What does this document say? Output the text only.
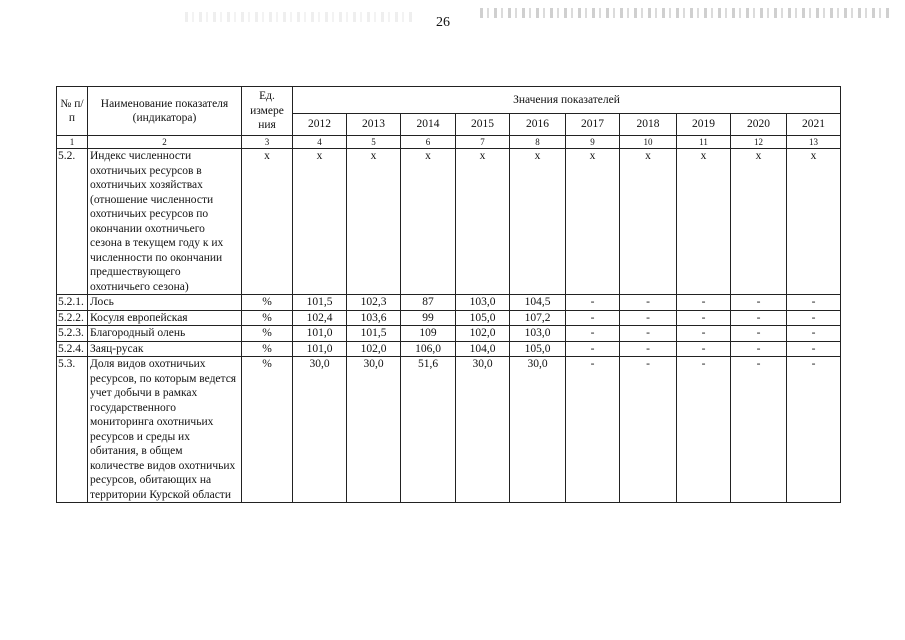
26
№ п/п	Наименование показателя (индикатора)	Ед. измере ния	Значения показателей									
			2012	2013	2014	2015	2016	2017	2018	2019	2020	2021
1	2	3	4	5	6	7	8	9	10	11	12	13
5.2.	Индекс численности охотничьих ресурсов в охотничьих хозяйствах (отношение численности охотничьих ресурсов по окончании охотничьего сезона в текущем году к их численности по окончании предшествующего охотничьего сезона)	x	x	x	x	x	x	x	x	x	x	x
5.2.1.	Лось	%	101,5	102,3	87	103,0	104,5	-	-	-	-	-
5.2.2.	Косуля европейская	%	102,4	103,6	99	105,0	107,2	-	-	-	-	-
5.2.3.	Благородный олень	%	101,0	101,5	109	102,0	103,0	-	-	-	-	-
5.2.4.	Заяц-русак	%	101,0	102,0	106,0	104,0	105,0	-	-	-	-	-
5.3.	Доля видов охотничьих ресурсов, по которым ведется учет добычи в рамках государственного мониторинга охотничьих ресурсов и среды их обитания, в общем количестве видов охотничьих ресурсов, обитающих на территории Курской области	%	30,0	30,0	51,6	30,0	30,0	-	-	-	-	-
